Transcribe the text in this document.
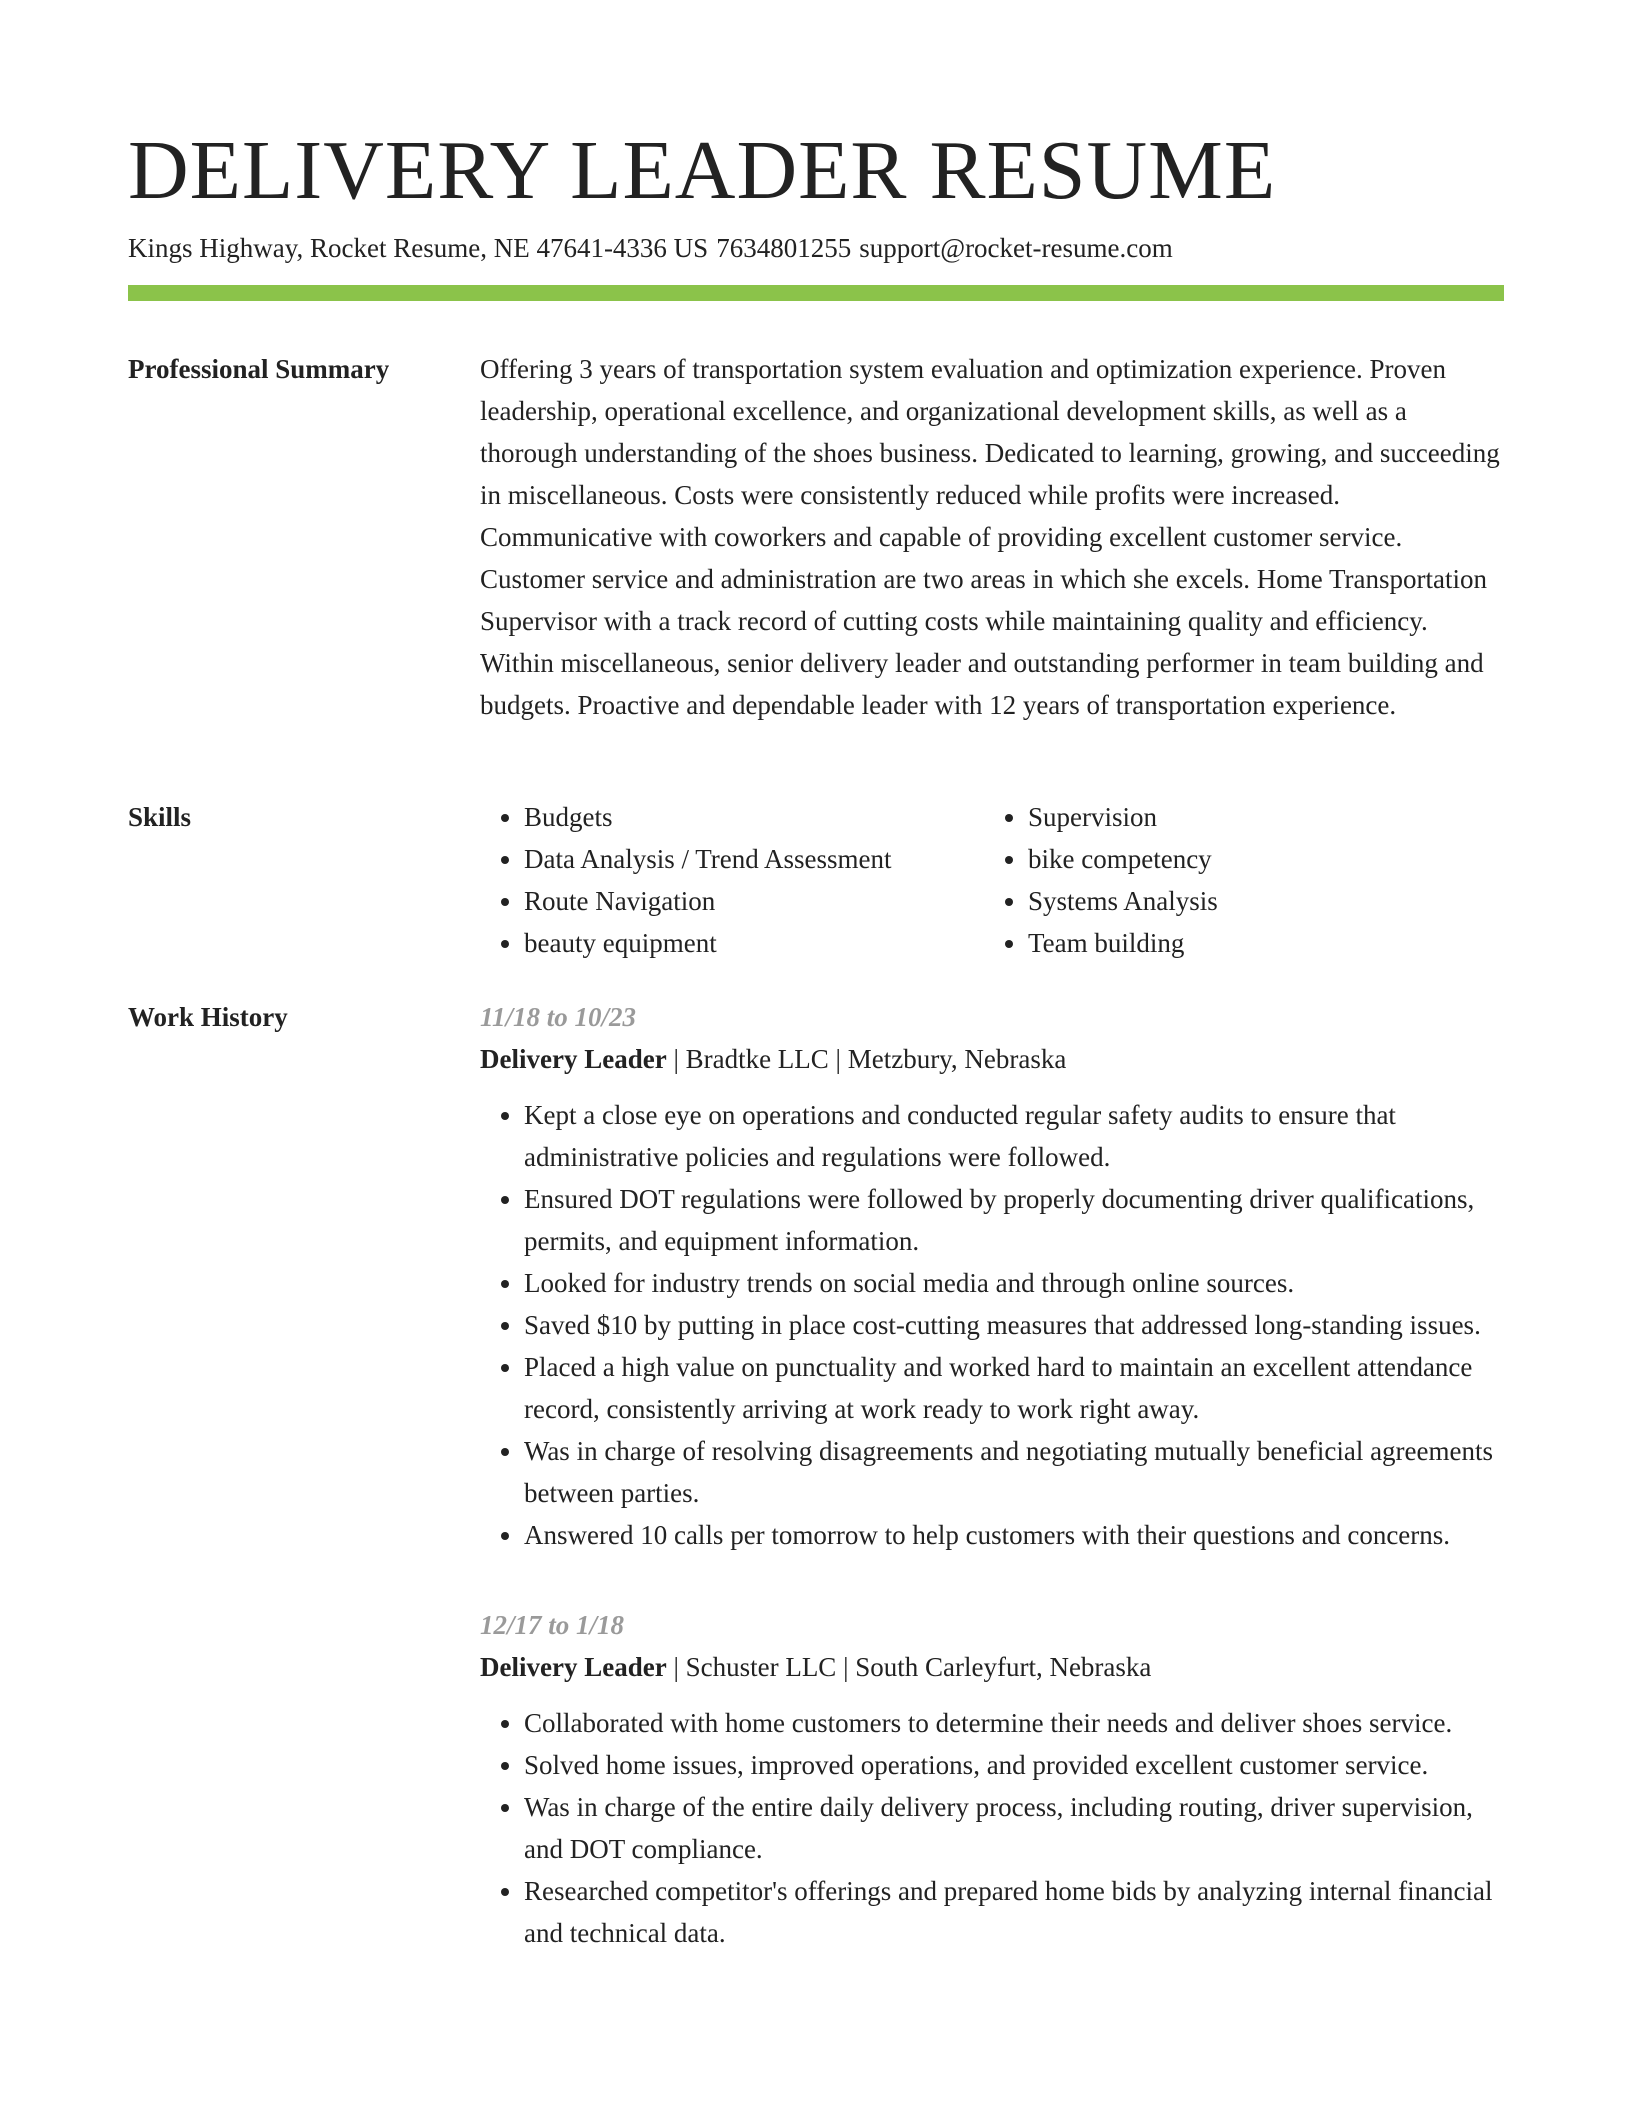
DELIVERY LEADER RESUME
Kings Highway, Rocket Resume, NE 47641-4336 US 7634801255 support@rocket-resume.com
Professional Summary	Offering 3 years of transportation system evaluation and optimization experience. Proven leadership, operational excellence, and organizational development skills, as well as a thorough understanding of the shoes business. Dedicated to learning, growing, and succeeding in miscellaneous. Costs were consistently reduced while profits were increased. Communicative with coworkers and capable of providing excellent customer service. Customer service and administration are two areas in which she excels. Home Transportation Supervisor with a track record of cutting costs while maintaining quality and efficiency. Within miscellaneous, senior delivery leader and outstanding performer in team building and budgets. Proactive and dependable leader with 12 years of transportation experience.

Skills
•	Budgets
• Data Analysis / Trend Assessment
• Route Navigation
• beauty equipment
• Supervision
• bike competency
• Systems Analysis
• Team building
Work History	11/18 to 10/23
Delivery Leader | Bradtke LLC | Metzbury, Nebraska
• Kept a close eye on operations and conducted regular safety audits to ensure that administrative policies and regulations were followed.
• Ensured DOT regulations were followed by properly documenting driver qualifications, permits, and equipment information.
• Looked for industry trends on social media and through online sources.
• Saved $10 by putting in place cost-cutting measures that addressed long-standing issues.
• Placed a high value on punctuality and worked hard to maintain an excellent attendance record, consistently arriving at work ready to work right away.
• Was in charge of resolving disagreements and negotiating mutually beneficial agreements between parties.
• Answered 10 calls per tomorrow to help customers with their questions and concerns.
12/17 to 1/18
Delivery Leader | Schuster LLC | South Carleyfurt, Nebraska
• Collaborated with home customers to determine their needs and deliver shoes service.
• Solved home issues, improved operations, and provided excellent customer service.
• Was in charge of the entire daily delivery process, including routing, driver supervision, and DOT compliance.
• Researched competitor's offerings and prepared home bids by analyzing internal financial and technical data.
